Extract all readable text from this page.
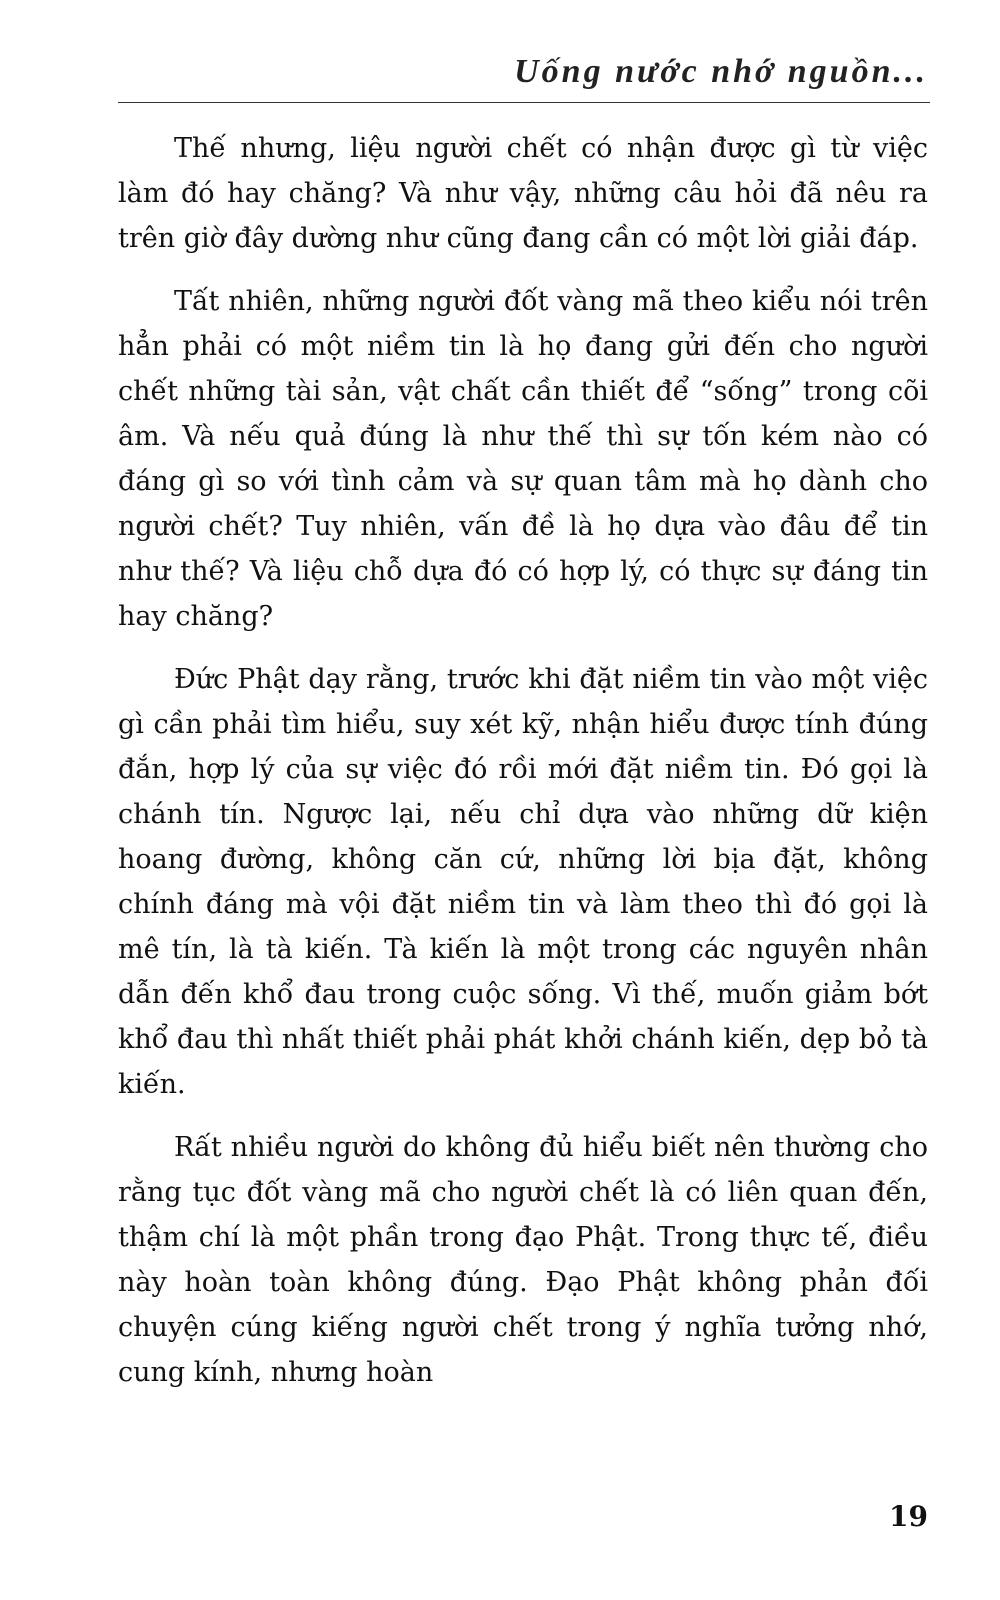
Uống nước nhớ nguồn...

Thế nhưng, liệu người chết có nhận được gì từ việc làm đó hay chăng? Và như vậy, những câu hỏi đã nêu ra trên giờ đây dường như cũng đang cần có một lời giải đáp.

Tất nhiên, những người đốt vàng mã theo kiểu nói trên hẳn phải có một niềm tin là họ đang gửi đến cho người chết những tài sản, vật chất cần thiết để “sống” trong cõi âm. Và nếu quả đúng là như thế thì sự tốn kém nào có đáng gì so với tình cảm và sự quan tâm mà họ dành cho người chết? Tuy nhiên, vấn đề là họ dựa vào đâu để tin như thế? Và liệu chỗ dựa đó có hợp lý, có thực sự đáng tin hay chăng?

Đức Phật dạy rằng, trước khi đặt niềm tin vào một việc gì cần phải tìm hiểu, suy xét kỹ, nhận hiểu được tính đúng đắn, hợp lý của sự việc đó rồi mới đặt niềm tin. Đó gọi là chánh tín. Ngược lại, nếu chỉ dựa vào những dữ kiện hoang đường, không căn cứ, những lời bịa đặt, không chính đáng mà vội đặt niềm tin và làm theo thì đó gọi là mê tín, là tà kiến. Tà kiến là một trong các nguyên nhân dẫn đến khổ đau trong cuộc sống. Vì thế, muốn giảm bớt khổ đau thì nhất thiết phải phát khởi chánh kiến, dẹp bỏ tà kiến.

Rất nhiều người do không đủ hiểu biết nên thường cho rằng tục đốt vàng mã cho người chết là có liên quan đến, thậm chí là một phần trong đạo Phật. Trong thực tế, điều này hoàn toàn không đúng. Đạo Phật không phản đối chuyện cúng kiếng người chết trong ý nghĩa tưởng nhớ, cung kính, nhưng hoàn

19
